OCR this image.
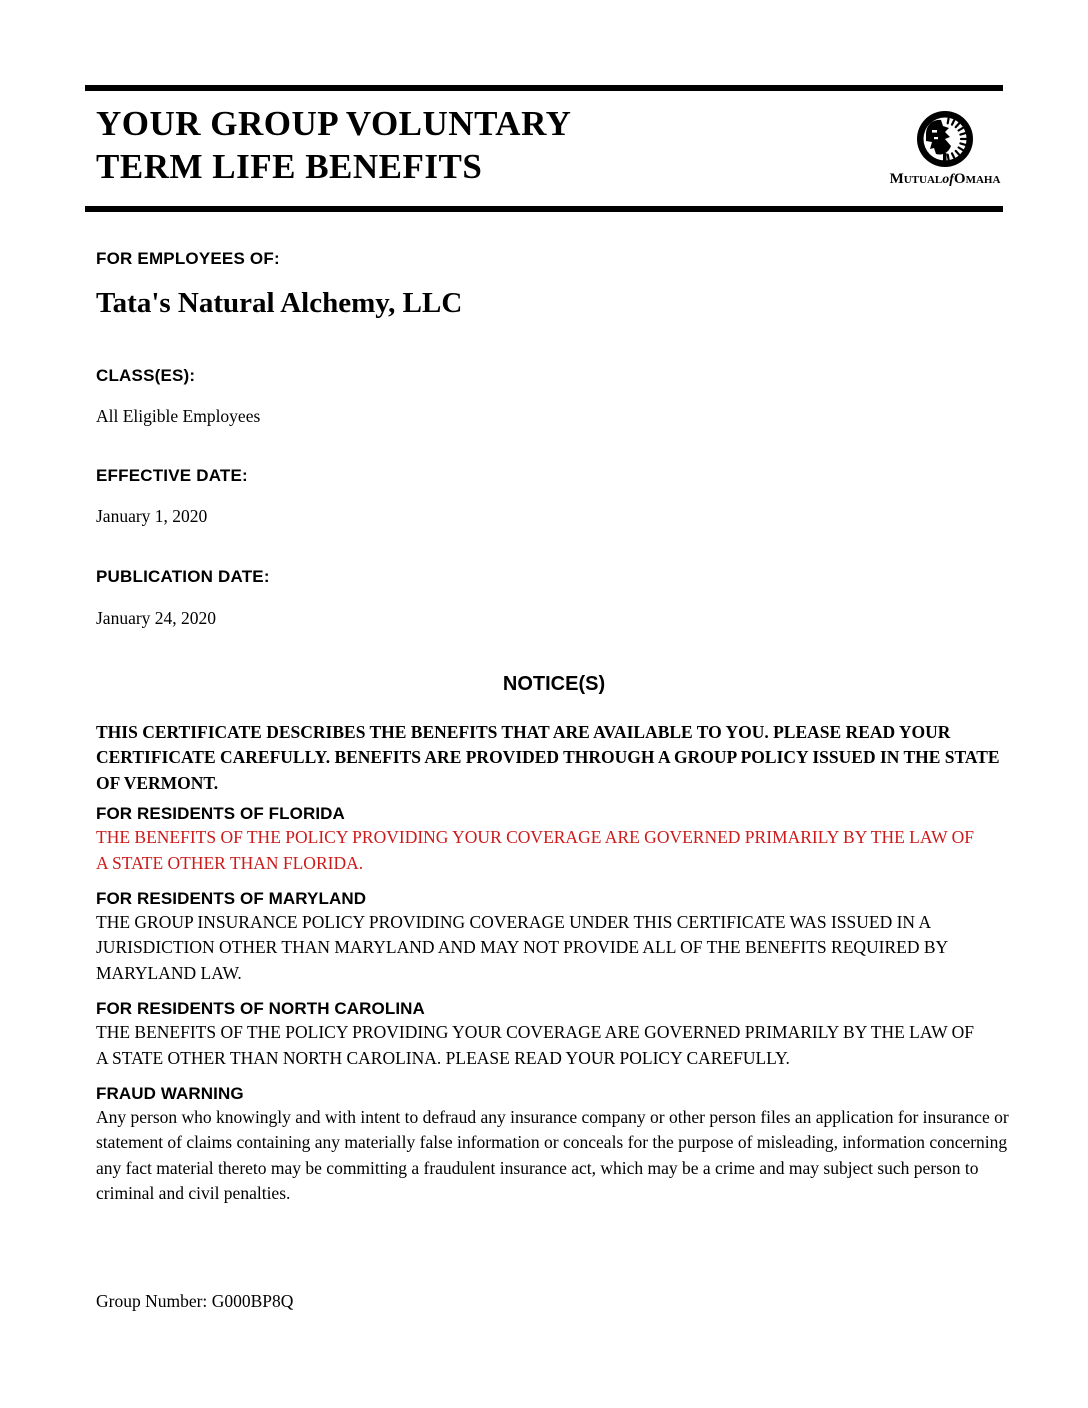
YOUR GROUP VOLUNTARY
TERM LIFE BENEFITS	MutualofOmaha
FOR EMPLOYEES OF:
Tata's Natural Alchemy, LLC
CLASS(ES):
All Eligible Employees
EFFECTIVE DATE:
January 1, 2020
PUBLICATION DATE:
January 24, 2020
NOTICE(S)
THIS CERTIFICATE DESCRIBES THE BENEFITS THAT ARE AVAILABLE TO YOU. PLEASE READ YOUR CERTIFICATE CAREFULLY. BENEFITS ARE PROVIDED THROUGH A GROUP POLICY ISSUED IN THE STATE OF VERMONT.
FOR RESIDENTS OF FLORIDA
THE BENEFITS OF THE POLICY PROVIDING YOUR COVERAGE ARE GOVERNED PRIMARILY BY THE LAW OF A STATE OTHER THAN FLORIDA.
FOR RESIDENTS OF MARYLAND
THE GROUP INSURANCE POLICY PROVIDING COVERAGE UNDER THIS CERTIFICATE WAS ISSUED IN A JURISDICTION OTHER THAN MARYLAND AND MAY NOT PROVIDE ALL OF THE BENEFITS REQUIRED BY MARYLAND LAW.
FOR RESIDENTS OF NORTH CAROLINA
THE BENEFITS OF THE POLICY PROVIDING YOUR COVERAGE ARE GOVERNED PRIMARILY BY THE LAW OF A STATE OTHER THAN NORTH CAROLINA. PLEASE READ YOUR POLICY CAREFULLY.
FRAUD WARNING
Any person who knowingly and with intent to defraud any insurance company or other person files an application for insurance or statement of claims containing any materially false information or conceals for the purpose of misleading, information concerning any fact material thereto may be committing a fraudulent insurance act, which may be a crime and may subject such person to criminal and civil penalties.
Group Number: G000BP8Q
